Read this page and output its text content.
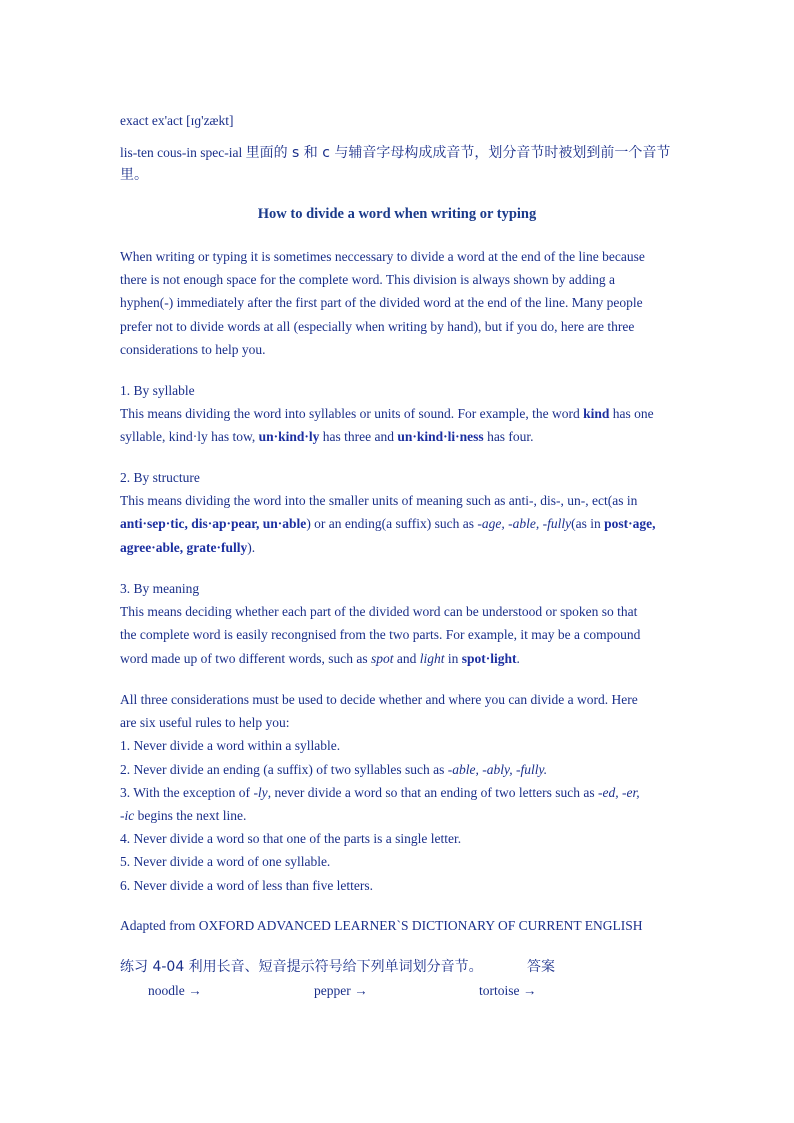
exact ex'act [ɪɡ'zækt]

lis-ten cous-in spec-ial 里面的 s 和 c 与辅音字母构成成音节，划分音节时被划到前一个音节

里。

How to divide a word when writing or typing

When writing or typing it is sometimes neccessary to divide a word at the end of the line because

there is not enough space for the complete word. This division is always shown by adding a

hyphen(-) immediately after the first part of the divided word at the end of the line. Many people

prefer not to divide words at all (especially when writing by hand), but if you do, here are three

considerations to help you.

1. By syllable

This means dividing the word into syllables or units of sound. For example, the word kind has one

syllable, kind·ly has tow, un·kind·ly has three and un·kind·li·ness has four.

2. By structure

This means dividing the word into the smaller units of meaning such as anti-, dis-, un-, ect(as in

anti·sep·tic, dis·ap·pear, un·able) or an ending(a suffix) such as -age, -able, -fully(as in post·age,

agree·able, grate·fully).

3. By meaning

This means deciding whether each part of the divided word can be understood or spoken so that

the complete word is easily recongnised from the two parts. For example, it may be a compound

word made up of two different words, such as spot and light in spot·light.

All three considerations must be used to decide whether and where you can divide a word. Here

are six useful rules to help you:

1. Never divide a word within a syllable.

2. Never divide an ending (a suffix) of two syllables such as -able, -ably, -fully.

3. With the exception of -ly, never divide a word so that an ending of two letters such as -ed, -er,

-ic begins the next line.

4. Never divide a word so that one of the parts is a single letter.

5. Never divide a word of one syllable.

6. Never divide a word of less than five letters.

Adapted from OXFORD ADVANCED LEARNER`S DICTIONARY OF CURRENT ENGLISH

练习 4-04 利用长音、短音提示符号给下列单词划分音节。	答案
noodle →	pepper →	tortoise →
